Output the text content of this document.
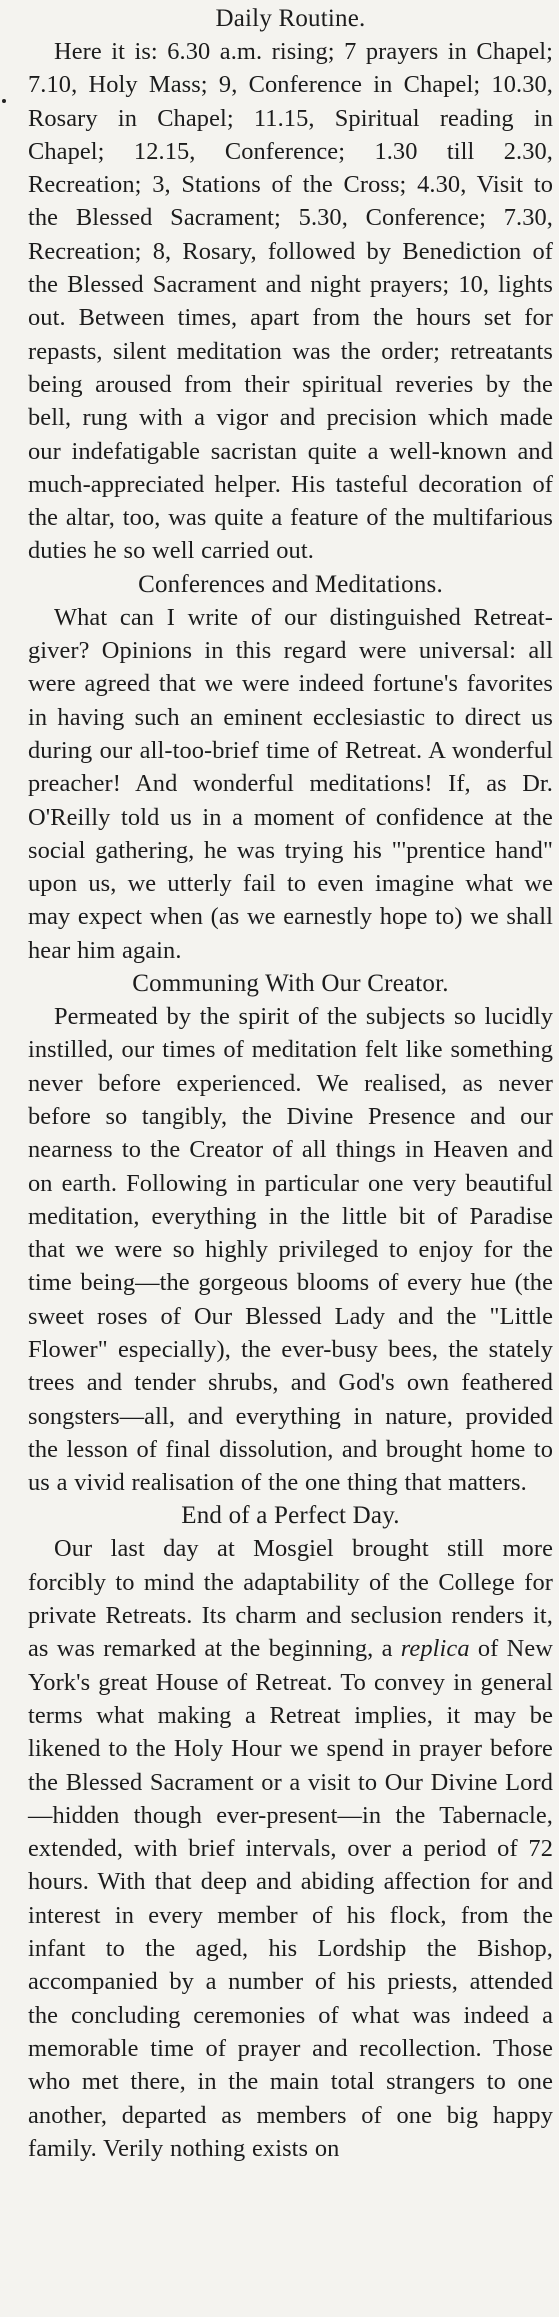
Daily Routine.

Here it is: 6.30 a.m. rising; 7 prayers in Chapel; 7.10, Holy Mass; 9, Conference in Chapel; 10.30, Rosary in Chapel; 11.15, Spiritual reading in Chapel; 12.15, Conference; 1.30 till 2.30, Recreation; 3, Stations of the Cross; 4.30, Visit to the Blessed Sacrament; 5.30, Conference; 7.30, Recreation; 8, Rosary, followed by Benediction of the Blessed Sacrament and night prayers; 10, lights out. Between times, apart from the hours set for repasts, silent meditation was the order; retreatants being aroused from their spiritual reveries by the bell, rung with a vigor and precision which made our indefatigable sacristan quite a well-known and much-appreciated helper. His tasteful decoration of the altar, too, was quite a feature of the multifarious duties he so well carried out.

Conferences and Meditations.

What can I write of our distinguished Retreat-giver? Opinions in this regard were universal: all were agreed that we were indeed fortune's favorites in having such an eminent ecclesiastic to direct us during our all-too-brief time of Retreat. A wonderful preacher! And wonderful meditations! If, as Dr. O'Reilly told us in a moment of confidence at the social gathering, he was trying his "'prentice hand" upon us, we utterly fail to even imagine what we may expect when (as we earnestly hope to) we shall hear him again.

Communing With Our Creator.

Permeated by the spirit of the subjects so lucidly instilled, our times of meditation felt like something never before experienced. We realised, as never before so tangibly, the Divine Presence and our nearness to the Creator of all things in Heaven and on earth. Following in particular one very beautiful meditation, everything in the little bit of Paradise that we were so highly privileged to enjoy for the time being—the gorgeous blooms of every hue (the sweet roses of Our Blessed Lady and the "Little Flower" especially), the ever-busy bees, the stately trees and tender shrubs, and God's own feathered songsters—all, and everything in nature, provided the lesson of final dissolution, and brought home to us a vivid realisation of the one thing that matters.

End of a Perfect Day.

Our last day at Mosgiel brought still more forcibly to mind the adaptability of the College for private Retreats. Its charm and seclusion renders it, as was remarked at the beginning, a replica of New York's great House of Retreat. To convey in general terms what making a Retreat implies, it may be likened to the Holy Hour we spend in prayer before the Blessed Sacrament or a visit to Our Divine Lord—hidden though ever-present—in the Tabernacle, extended, with brief intervals, over a period of 72 hours. With that deep and abiding affection for and interest in every member of his flock, from the infant to the aged, his Lordship the Bishop, accompanied by a number of his priests, attended the concluding ceremonies of what was indeed a memorable time of prayer and recollection. Those who met there, in the main total strangers to one another, departed as members of one big happy family. Verily nothing exists on
